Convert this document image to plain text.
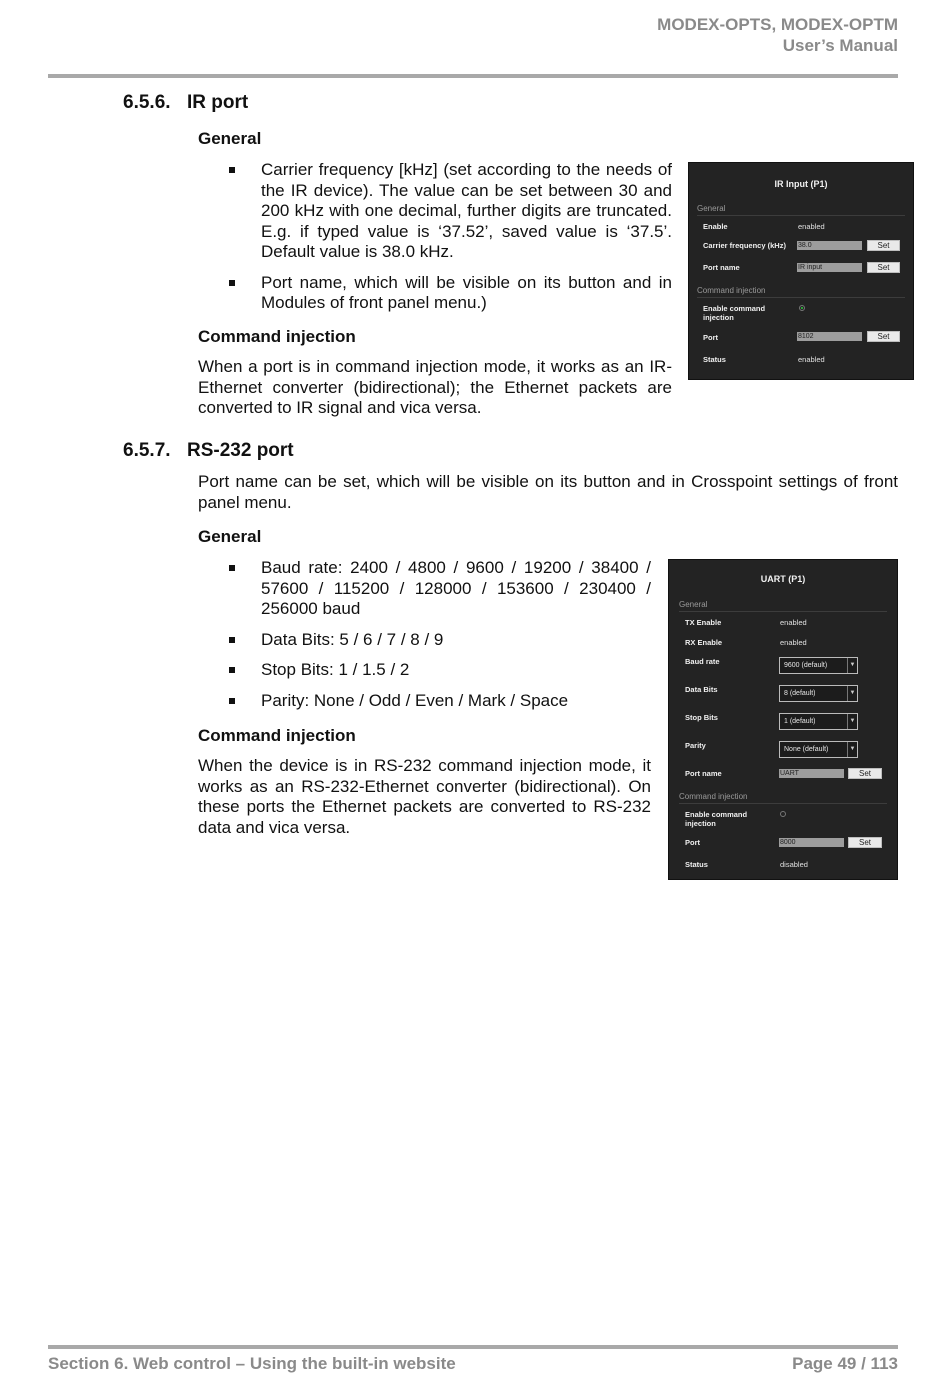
MODEX-OPTS, MODEX-OPTM
User’s Manual
6.5.6. IR port
General
Carrier frequency [kHz] (set according to the needs of the IR device). The value can be set between 30 and 200 kHz with one decimal, further digits are truncated. E.g. if typed value is ‘37.52’, saved value is ‘37.5’. Default value is 38.0 kHz.
Port name, which will be visible on its button and in Modules of front panel menu.)
Command injection

When a port is in command injection mode, it works as an IR-Ethernet converter (bidirectional); the Ethernet packets are converted to IR signal and vica versa.

IR Input (P1)
General
Enable	enabled
Carrier frequency (kHz) 38.0	Set
Port name	IR input	Set
Command injection
Enable command injection
Port	8102	Set
Status	enabled
6.5.7. RS-232 port

Port name can be set, which will be visible on its button and in Crosspoint settings of front panel menu.

General
Baud rate: 2400 / 4800 / 9600 / 19200 / 38400 / 57600 / 115200 / 128000 / 153600 / 230400 / 256000 baud
Data Bits: 5 / 6 / 7 / 8 / 9
Stop Bits: 1 / 1.5 / 2
Parity: None / Odd / Even / Mark / Space
Command injection

When the device is in RS-232 command injection mode, it works as an RS-232-Ethernet converter (bidirectional). On these ports the Ethernet packets are converted to RS-232 data and vica versa.

UART (P1)
General
TX Enable	enabled
RX Enable	enabled
Baud rate	9600 (default)	▼
Data Bits	8 (default)	▼
Stop Bits	1 (default)	▼
Parity	None (default)	▼
Port name	UART	Set
Command injection
Enable command injection
Port	8000	Set
Status	disabled
Section 6. Web control – Using the built-in website	Page 49 / 113
